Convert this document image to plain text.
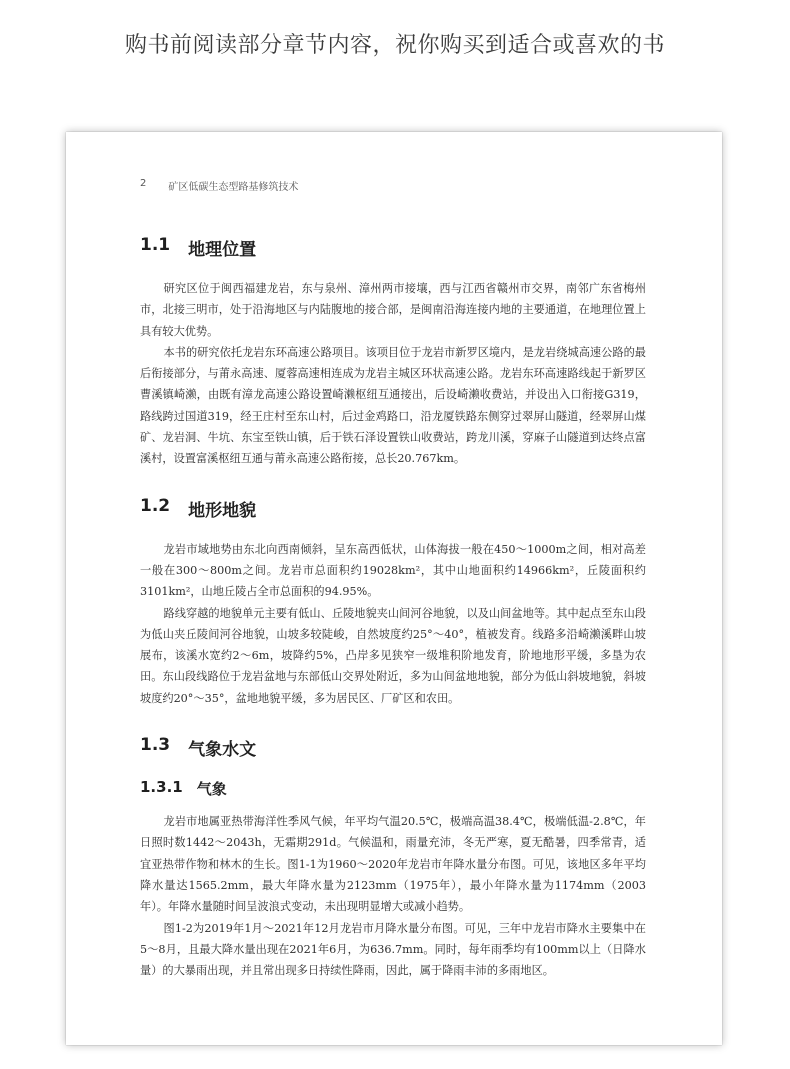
购书前阅读部分章节内容，祝你购买到适合或喜欢的书
2 矿区低碳生态型路基修筑技术
1.1 地理位置

研究区位于闽西福建龙岩，东与泉州、漳州两市接壤，西与江西省赣州市交界，南邻广东省梅州市，北接三明市，处于沿海地区与内陆腹地的接合部，是闽南沿海连接内地的主要通道，在地理位置上具有较大优势。

本书的研究依托龙岩东环高速公路项目。该项目位于龙岩市新罗区境内，是龙岩绕城高速公路的最后衔接部分，与莆永高速、厦蓉高速相连成为龙岩主城区环状高速公路。龙岩东环高速路线起于新罗区曹溪镇崎濑，由既有漳龙高速公路设置崎濑枢纽互通接出，后设崎濑收费站，并设出入口衔接G319，路线跨过国道319，经王庄村至东山村，后过金鸡路口，沿龙厦铁路东侧穿过翠屏山隧道，经翠屏山煤矿、龙岩洞、牛坑、东宝至铁山镇，后于铁石泽设置铁山收费站，跨龙川溪，穿麻子山隧道到达终点富溪村，设置富溪枢纽互通与莆永高速公路衔接，总长20.767km。

1.2 地形地貌

龙岩市域地势由东北向西南倾斜，呈东高西低状，山体海拔一般在450～1000m之间，相对高差一般在300～800m之间。龙岩市总面积约19028km²，其中山地面积约14966km²，丘陵面积约3101km²，山地丘陵占全市总面积的94.95%。

路线穿越的地貌单元主要有低山、丘陵地貌夹山间河谷地貌，以及山间盆地等。其中起点至东山段为低山夹丘陵间河谷地貌，山坡多较陡峻，自然坡度约25°～40°，植被发育。线路多沿崎濑溪畔山坡展布，该溪水宽约2～6m，坡降约5%，凸岸多见狭窄一级堆积阶地发育，阶地地形平缓，多垦为农田。东山段线路位于龙岩盆地与东部低山交界处附近，多为山间盆地地貌，部分为低山斜坡地貌，斜坡坡度约20°～35°，盆地地貌平缓，多为居民区、厂矿区和农田。

1.3 气象水文
1.3.1 气象

龙岩市地属亚热带海洋性季风气候，年平均气温20.5℃，极端高温38.4℃，极端低温-2.8℃，年日照时数1442～2043h，无霜期291d。气候温和，雨量充沛，冬无严寒，夏无酷暑，四季常青，适宜亚热带作物和林木的生长。图1-1为1960～2020年龙岩市年降水量分布图。可见，该地区多年平均降水量达1565.2mm，最大年降水量为2123mm（1975年），最小年降水量为1174mm（2003年）。年降水量随时间呈波浪式变动，未出现明显增大或减小趋势。

图1-2为2019年1月～2021年12月龙岩市月降水量分布图。可见，三年中龙岩市降水主要集中在5～8月，且最大降水量出现在2021年6月，为636.7mm。同时，每年雨季均有100mm以上（日降水量）的大暴雨出现，并且常出现多日持续性降雨，因此，属于降雨丰沛的多雨地区。
